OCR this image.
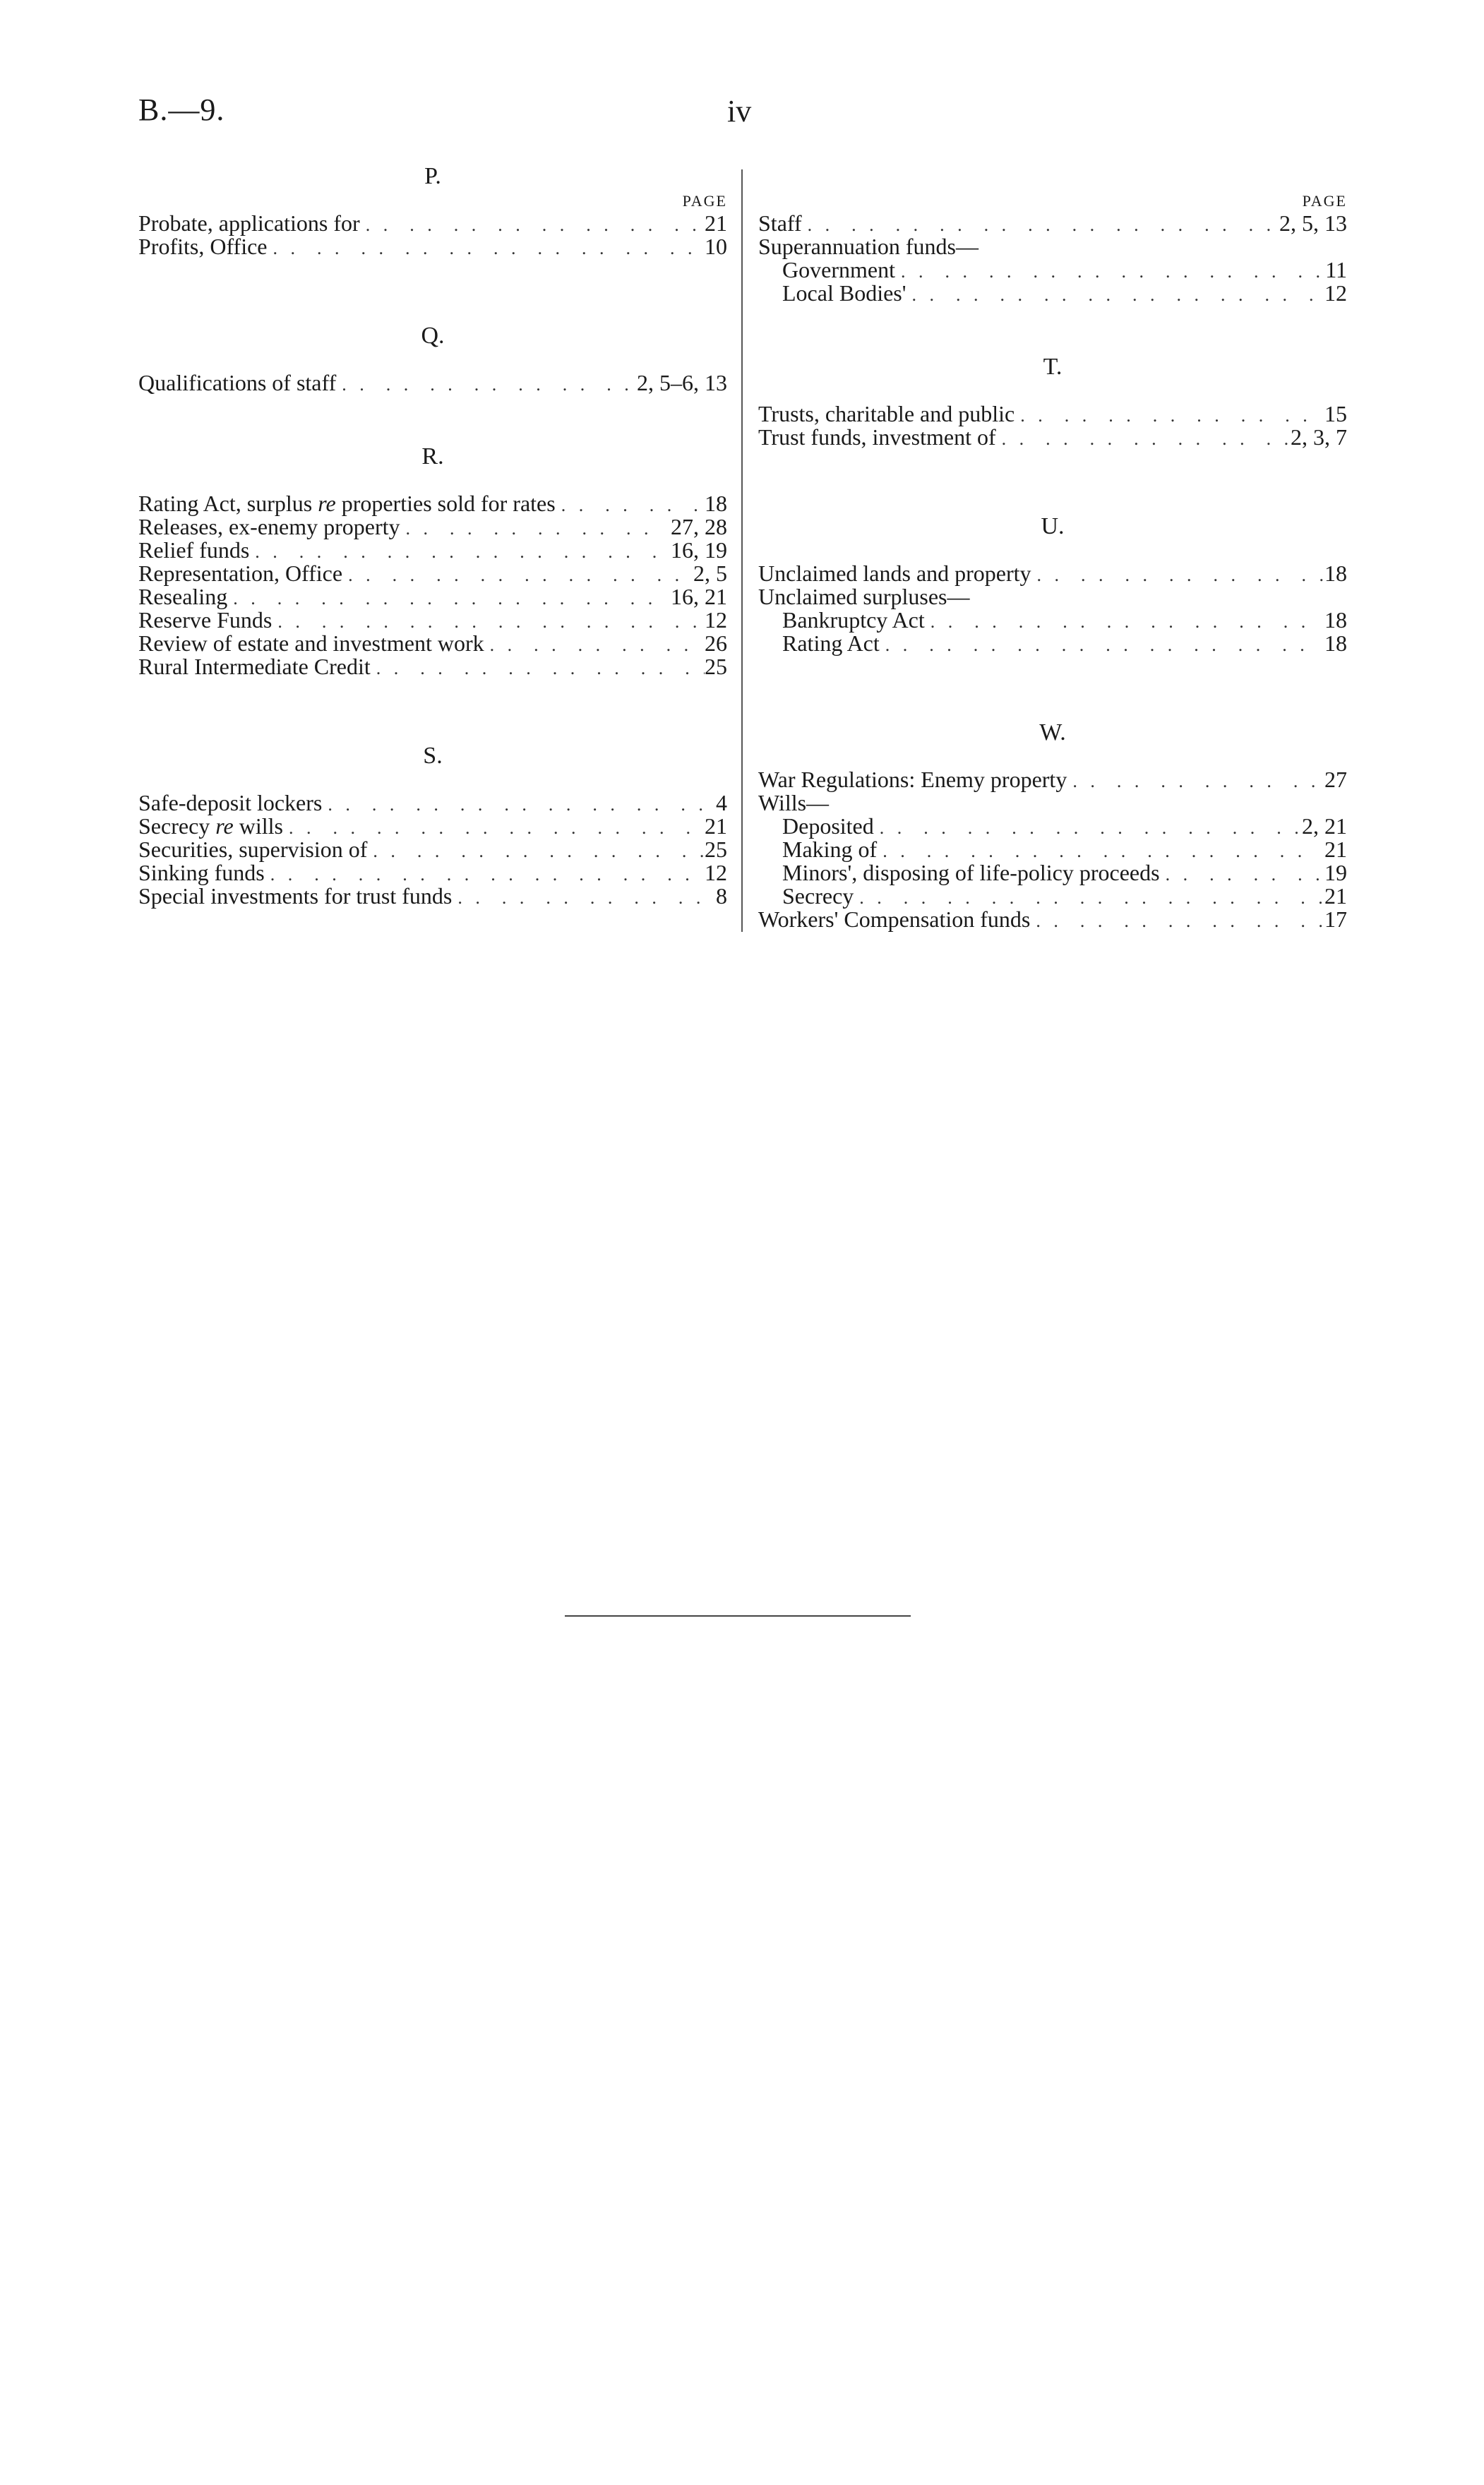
B.—9.	iv
P.
PAGE
Probate, applications for . .	21
Profits, Office . .	10
Q.
Qualifications of staff . .	2, 5–6, 13
R.
Rating Act, surplus re properties sold for rates . .	18
Releases, ex-enemy property . .	27, 28
Relief funds . .	16, 19
Representation, Office . .	2, 5
Resealing . .	16, 21
Reserve Funds . .	12
Review of estate and investment work . .	26
Rural Intermediate Credit . .	25
S.
Safe-deposit lockers . .	4
Secrecy re wills . .	21
Securities, supervision of . .	25
Sinking funds . .	12
Special investments for trust funds . .	8
PAGE
Staff . .	2, 5, 13
Superannuation funds—
Government . .	11
Local Bodies' . .	12
T.
Trusts, charitable and public . .	15
Trust funds, investment of . .	2, 3, 7
U.
Unclaimed lands and property . .	18
Unclaimed surpluses—
Bankruptcy Act . .	18
Rating Act . .	18
W.
War Regulations: Enemy property . .	27
Wills—
Deposited . .	2, 21
Making of . .	21
Minors', disposing of life-policy proceeds . .	19
Secrecy . .	21
Workers' Compensation funds . .	17
